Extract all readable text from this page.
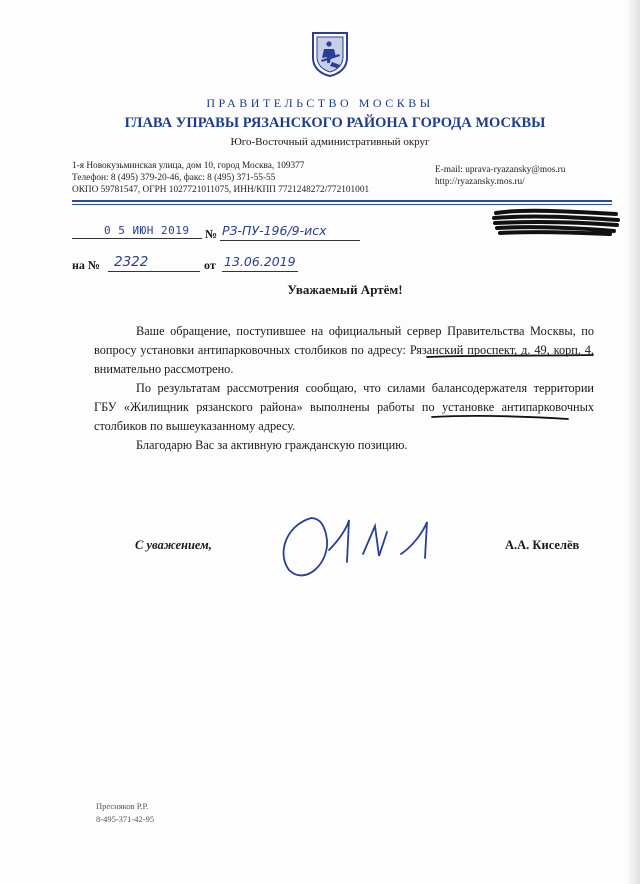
ПРАВИТЕЛЬСТВО МОСКВЫ
ГЛАВА УПРАВЫ РЯЗАНСКОГО РАЙОНА ГОРОДА МОСКВЫ
Юго-Восточный административный округ
1-я Новокузьминская улица, дом 10, город Москва, 109377
Телефон: 8 (495) 379-20-46, факс: 8 (495) 371-55-55
ОКПО 59781547, ОГРН 1027721011075, ИНН/КПП 7721248272/772101001
E-mail: uprava-ryazansky@mos.ru
http://ryazansky.mos.ru/
0 5 ИЮН 2019 № РЗ-ПУ-196/9-исх
на № 2322	от 13.06.2019
Уважаемый Артём!

Ваше обращение, поступившее на официальный сервер Правительства Москвы, по вопросу установки антипарковочных столбиков по адресу: Рязанский проспект, д. 49, корп. 4, внимательно рассмотрено.

По результатам рассмотрения сообщаю, что силами балансодержателя территории ГБУ «Жилищник рязанского района» выполнены работы по установке антипарковочных столбиков по вышеуказанному адресу.

Благодарю Вас за активную гражданскую позицию.

С уважением,	А.А. Киселёв
Пресняков Р.Р.
8-495-371-42-95
